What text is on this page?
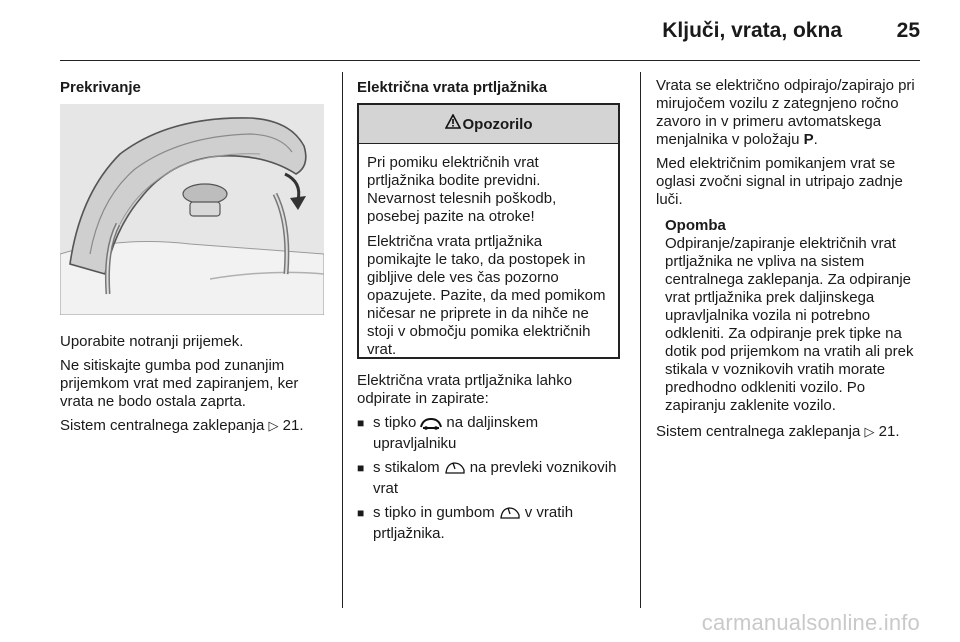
Ključi, vrata, okna	25
Prekrivanje

Uporabite notranji prijemek.

Ne sitiskajte gumba pod zunanjim prijemkom vrat med zapiranjem, ker vrata ne bodo ostala zaprta.

Sistem centralnega zaklepanja ▷ 21.

Električna vrata prtljažnika
Opozorilo

Pri pomiku električnih vrat prtljažnika bodite previdni. Nevarnost telesnih poškodb, posebej pazite na otroke!

Električna vrata prtljažnika pomikajte le tako, da postopek in gibljive dele ves čas pozorno opazujete. Pazite, da med pomikom ničesar ne priprete in da nihče ne stoji v območju pomika električnih vrat.

Električna vrata prtljažnika lahko odpirate in zapirate:

■ s tipko na daljinskem upravljalniku
■ s stikalom na prevleki voznikovih vrat
■ s tipko in gumbom v vratih prtljažnika.

Vrata se električno odpirajo/zapirajo pri mirujočem vozilu z zategnjeno ročno zavoro in v primeru avtomatskega menjalnika v položaju P.

Med električnim pomikanjem vrat se oglasi zvočni signal in utripajo zadnje luči.

Opomba

Odpiranje/zapiranje električnih vrat prtljažnika ne vpliva na sistem centralnega zaklepanja. Za odpiranje vrat prtljažnika prek daljinskega upravljalnika vozila ni potrebno odkleniti. Za odpiranje prek tipke na dotik pod prijemkom na vratih ali prek stikala v voznikovih vratih morate predhodno odkleniti vozilo. Po zapiranju zaklenite vozilo.

Sistem centralnega zaklepanja ▷ 21.

carmanualsonline.info
